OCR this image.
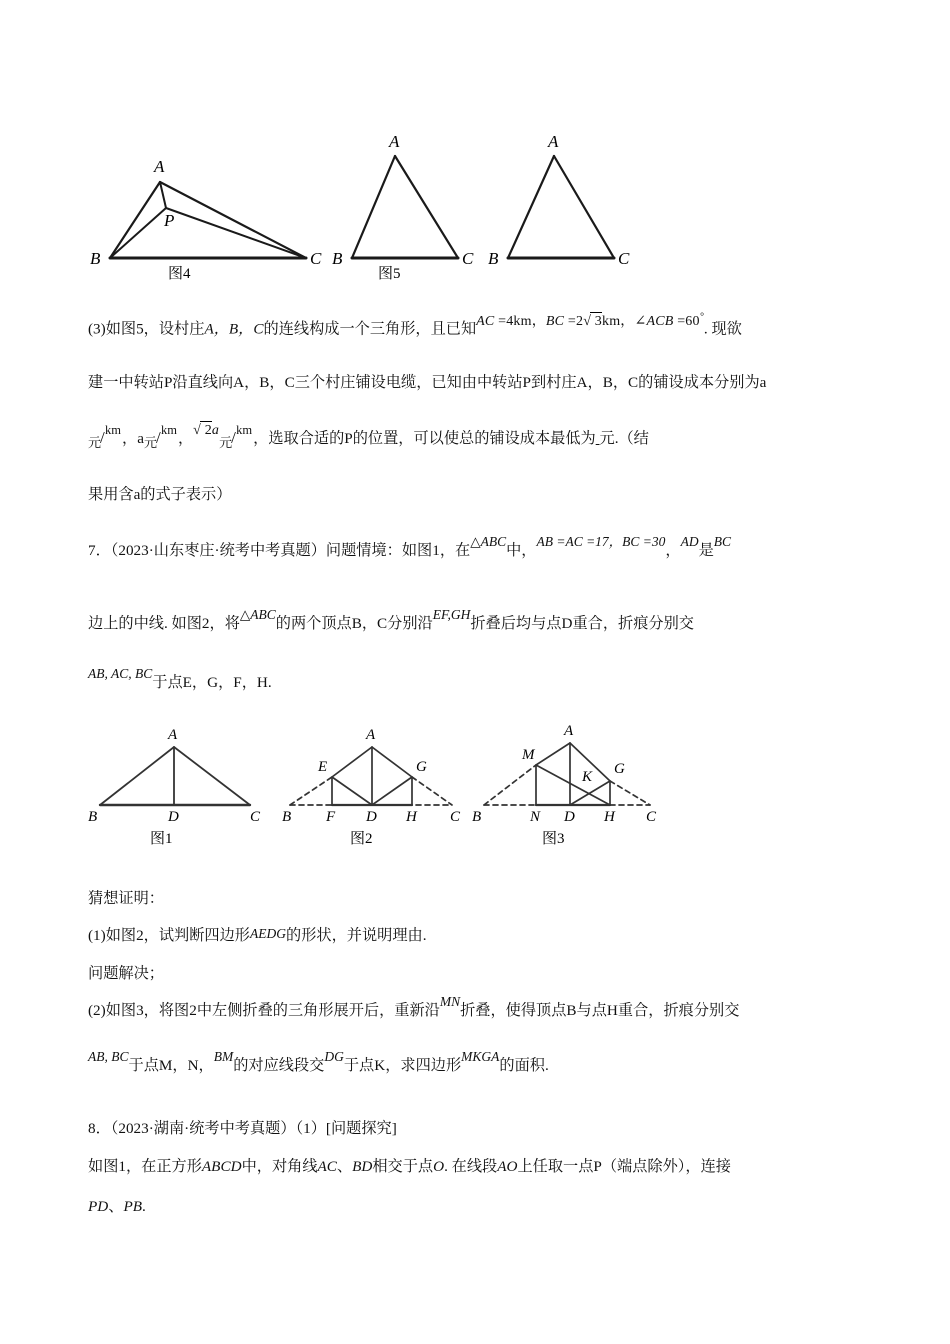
A
P
B	C
图4
A
B	C
图5
A
B	C
(3)如图5，设村庄A，B，C的连线构成一个三角形，且已知AC =4km，BC =2√
3km，∠ACB =60°. 现欲
建一中转站P沿直线向A，B，C三个村庄铺设电缆，已知由中转站P到村庄A，B，C的铺设成本分别为a
元
/ km ，a 元
/ km ，√
2a
元
/ km ，选取合适的P的位置，可以使总的铺设成本最低为 元.（结
果用含a的式子表示）
7．（2023·山东枣庄·统考中考真题）问题情境：如图1，在△ABC中，AB =AC =17，BC =30，AD是BC
边上的中线. 如图2，将△ABC的两个顶点B，C分别沿EF,GH折叠后均与点D重合，折痕分别交
AB, AC, BC于点E，G，F，H.
A
B	D	C
图1
A
E	G
B F D H C
图2
A
M
G
K
B	N D H C
图3
猜想证明：
(1)如图2，试判断四边形AEDG的形状，并说明理由.
问题解决；
(2)如图3，将图2中左侧折叠的三角形展开后，重新沿MN折叠，使得顶点B与点H重合，折痕分别交
AB, BC于点M，N，BM的对应线段交DG于点K，求四边形MKGA的面积.
8．（2023·湖南·统考中考真题）（1）[问题探究]
如图1，在正方形ABCD中，对角线AC、BD相交于点O. 在线段AO上任取一点P（端点除外），连接
PD、PB.
